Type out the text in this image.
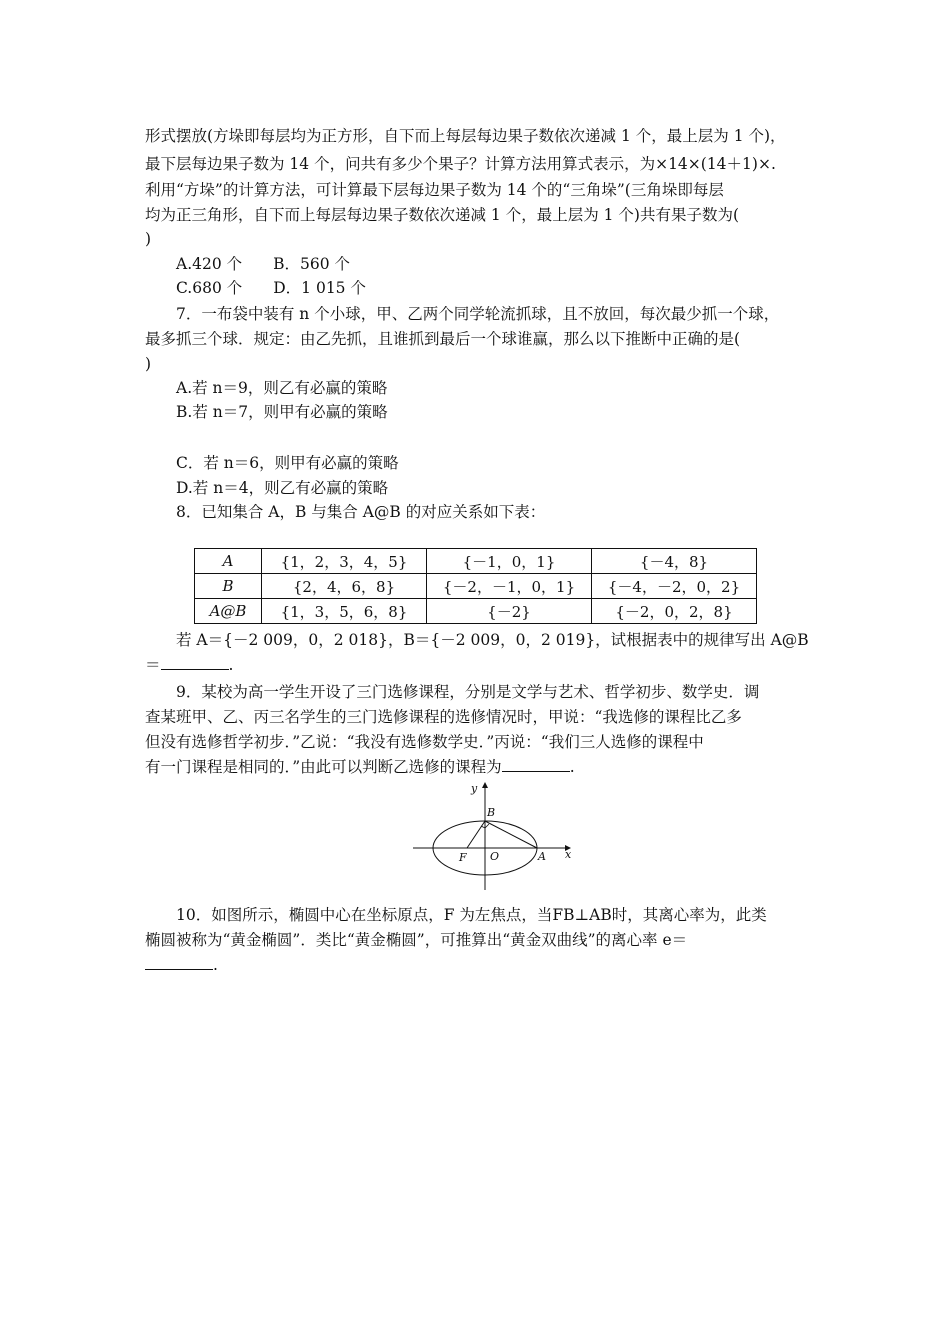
形式摆放(方垛即每层均为正方形，自下而上每层每边果子数依次递减 1 个，最上层为 1 个)，
最下层每边果子数为 14 个，问共有多少个果子？计算方法用算式表示，为×14×(14＋1)×.
利用“方垛”的计算方法，可计算最下层每边果子数为 14 个的“三角垛”(三角垛即每层
均为正三角形，自下而上每层每边果子数依次递减 1 个，最上层为 1 个)共有果子数为(
)
A.420 个　　B．560 个
C.680 个　　D．1 015 个
7．一布袋中装有 n 个小球，甲、乙两个同学轮流抓球，且不放回，每次最少抓一个球，
最多抓三个球．规定：由乙先抓，且谁抓到最后一个球谁赢，那么以下推断中正确的是(
)
A.若 n＝9，则乙有必赢的策略
B.若 n＝7，则甲有必赢的策略
C．若 n＝6，则甲有必赢的策略
D.若 n＝4，则乙有必赢的策略
8．已知集合 A，B 与集合 A@B 的对应关系如下表：
A	{1，2，3，4，5}	{－1，0，1}	{－4，8}
B	{2，4，6，8}	{－2，－1，0，1}	{－4，－2，0，2}
A@B	{1，3，5，6，8}	{－2}	{－2，0，2，8}
若 A＝{－2 009，0，2 018}，B＝{－2 009，0，2 019}，试根据表中的规律写出 A@B
＝	.
9．某校为高一学生开设了三门选修课程，分别是文学与艺术、哲学初步、数学史．调
查某班甲、乙、丙三名学生的三门选修课程的选修情况时，甲说：“我选修的课程比乙多
但没有选修哲学初步．”乙说：“我没有选修数学史．”丙说：“我们三人选修的课程中
有一门课程是相同的．”由此可以判断乙选修的课程为	.
y
x
B
F O	A
10．如图所示，椭圆中心在坐标原点，F 为左焦点，当FB⊥AB时，其离心率为，此类
椭圆被称为“黄金椭圆”．类比“黄金椭圆”，可推算出“黄金双曲线”的离心率 e＝
.
